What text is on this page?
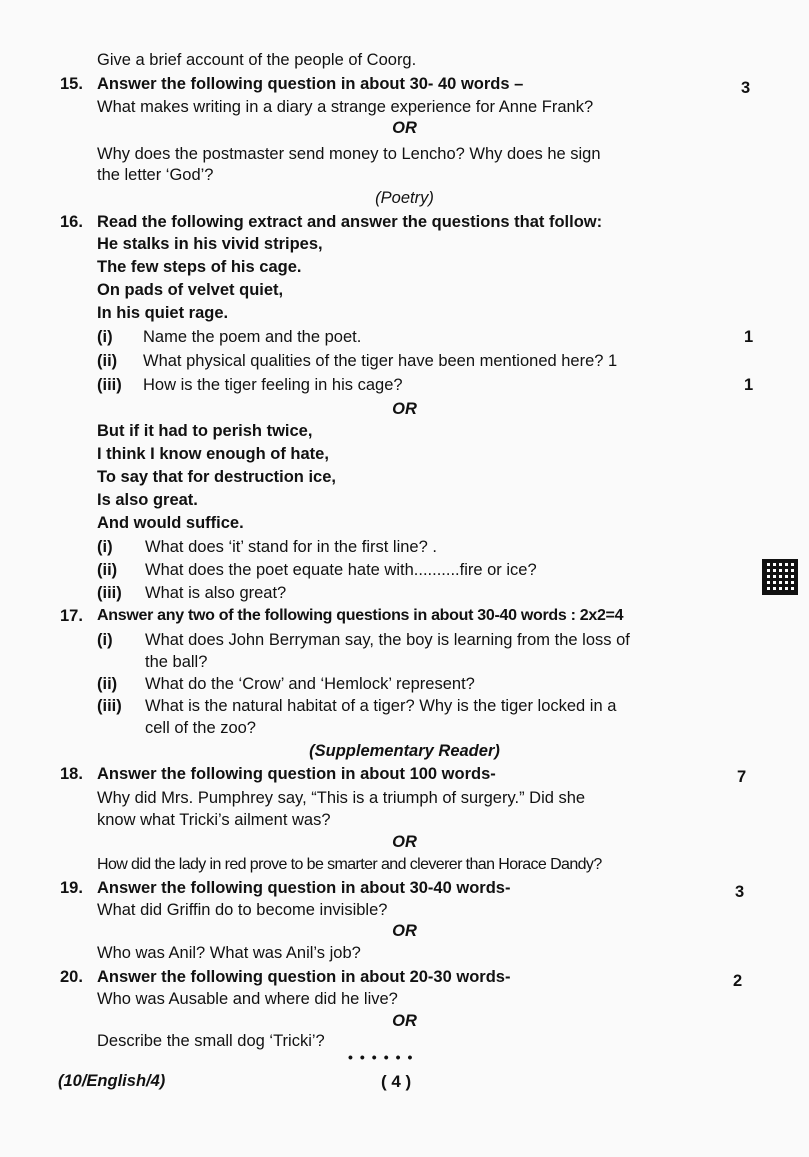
Give a brief account of the people of Coorg.
15. Answer the following question in about 30- 40 words –	3
What makes writing in a diary a strange experience for Anne Frank?
OR
Why does the postmaster send money to Lencho? Why does he sign
the letter ‘God’?
(Poetry)
16. Read the following extract and answer the questions that follow:
He stalks in his vivid stripes,
The few steps of his cage.
On pads of velvet quiet,
In his quiet rage.
(i) Name the poem and the poet.	1
(ii) What physical qualities of the tiger have been mentioned here? 1
(iii) How is the tiger feeling in his cage?	1
OR
But if it had to perish twice,
I think I know enough of hate,
To say that for destruction ice,
Is also great.
And would suffice.
(i) What does ‘it’ stand for in the first line? .
(ii) What does the poet equate hate with..........fire or ice?
(iii) What is also great?
17. Answer any two of the following questions in about 30-40 words : 2x2=4
(i) What does John Berryman say, the boy is learning from the loss of
the ball?
(ii) What do the ‘Crow’ and ‘Hemlock’ represent?
(iii) What is the natural habitat of a tiger? Why is the tiger locked in a
cell of the zoo?
(Supplementary Reader)
18. Answer the following question in about 100 words-	7
Why did Mrs. Pumphrey say, “This is a triumph of surgery.” Did she
know what Tricki’s ailment was?
OR
How did the lady in red prove to be smarter and cleverer than Horace Dandy?
19. Answer the following question in about 30-40 words-	3
What did Griffin do to become invisible?
OR
Who was Anil? What was Anil’s job?
20. Answer the following question in about 20-30 words-	2
Who was Ausable and where did he live?
OR
Describe the small dog ‘Tricki’?
••••••
(10/English/4)	( 4 )
